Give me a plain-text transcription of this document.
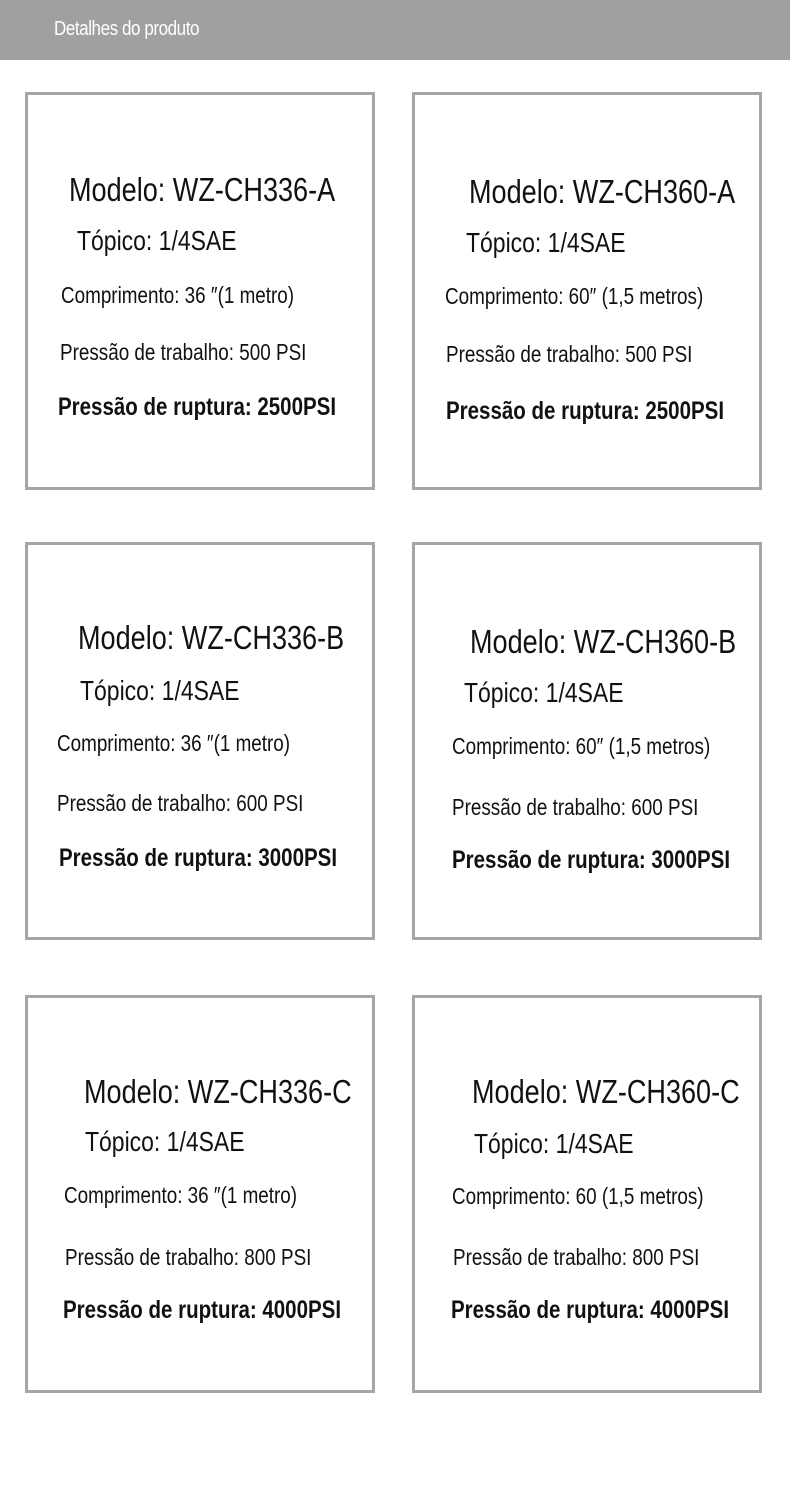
Detalhes do produto
Modelo: WZ-CH336-A
Tópico: 1/4SAE
Comprimento: 36 ″(1 metro)
Pressão de trabalho: 500 PSI
Pressão de ruptura: 2500PSI
Modelo: WZ-CH360-A
Tópico: 1/4SAE
Comprimento: 60″ (1,5 metros)
Pressão de trabalho: 500 PSI
Pressão de ruptura: 2500PSI
Modelo: WZ-CH336-B
Tópico: 1/4SAE
Comprimento: 36 ″(1 metro)
Pressão de trabalho: 600 PSI
Pressão de ruptura: 3000PSI
Modelo: WZ-CH360-B
Tópico: 1/4SAE
Comprimento: 60″ (1,5 metros)
Pressão de trabalho: 600 PSI
Pressão de ruptura: 3000PSI
Modelo: WZ-CH336-C
Tópico: 1/4SAE
Comprimento: 36 ″(1 metro)
Pressão de trabalho: 800 PSI
Pressão de ruptura: 4000PSI
Modelo: WZ-CH360-C
Tópico: 1/4SAE
Comprimento: 60 (1,5 metros)
Pressão de trabalho: 800 PSI
Pressão de ruptura: 4000PSI
